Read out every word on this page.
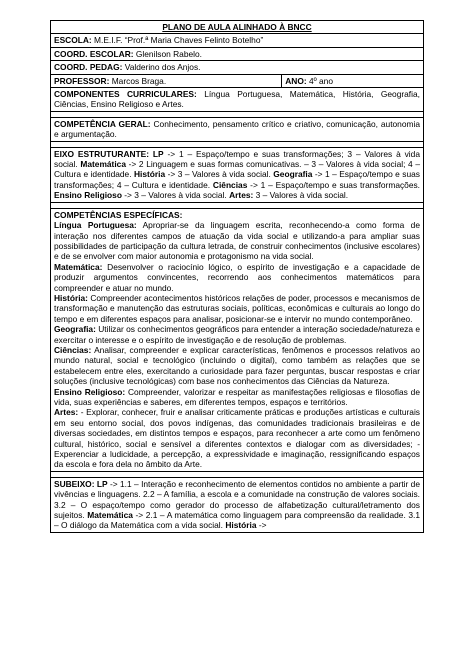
PLANO DE AULA ALINHADO À BNCC
ESCOLA: M.E.I.F. “Prof.ª Maria Chaves Felinto Botelho”
COORD. ESCOLAR: Glenilson Rabelo.
COORD. PEDAG: Valderino dos Anjos.
PROFESSOR: Marcos Braga.	ANO: 4º ano
COMPONENTES CURRICULARES: Língua Portuguesa, Matemática, História, Geografia, Ciências, Ensino Religioso e Artes.

COMPETÊNCIA GERAL: Conhecimento, pensamento crítico e criativo, comunicação, autonomia e argumentação.

EIXO ESTRUTURANTE: LP -> 1 – Espaço/tempo e suas transformações; 3 – Valores à vida social. Matemática -> 2 Linguagem e suas formas comunicativas. – 3 – Valores à vida social; 4 – Cultura e identidade. História -> 3 – Valores à vida social. Geografia -> 1 – Espaço/tempo e suas transformações; 4 – Cultura e identidade. Ciências -> 1 – Espaço/tempo e suas transformações. Ensino Religioso -> 3 – Valores à vida social. Artes: 3 – Valores à vida social.

COMPETÊNCIAS ESPECÍFICAS:

Língua Portuguesa: Apropriar-se da linguagem escrita, reconhecendo-a como forma de interação nos diferentes campos de atuação da vida social e utilizando-a para ampliar suas possibilidades de participação da cultura letrada, de construir conhecimentos (inclusive escolares) e de se envolver com maior autonomia e protagonismo na vida social.

Matemática: Desenvolver o raciocínio lógico, o espírito de investigação e a capacidade de produzir argumentos convincentes, recorrendo aos conhecimentos matemáticos para compreender e atuar no mundo.

História: Compreender acontecimentos históricos relações de poder, processos e mecanismos de transformação e manutenção das estruturas sociais, políticas, econômicas e culturais ao longo do tempo e em diferentes espaços para analisar, posicionar-se e intervir no mundo contemporâneo.

Geografia: Utilizar os conhecimentos geográficos para entender a interação sociedade/natureza e exercitar o interesse e o espírito de investigação e de resolução de problemas.

Ciências: Analisar, compreender e explicar características, fenômenos e processos relativos ao mundo natural, social e tecnológico (incluindo o digital), como também as relações que se estabelecem entre eles, exercitando a curiosidade para fazer perguntas, buscar respostas e criar soluções (inclusive tecnológicas) com base nos conhecimentos das Ciências da Natureza.

Ensino Religioso: Compreender, valorizar e respeitar as manifestações religiosas e filosofias de vida, suas experiências e saberes, em diferentes tempos, espaços e territórios.

Artes: - Explorar, conhecer, fruir e analisar criticamente práticas e produções artísticas e culturais em seu entorno social, dos povos indígenas, das comunidades tradicionais brasileiras e de diversas sociedades, em distintos tempos e espaços, para reconhecer a arte como um fenômeno cultural, histórico, social e sensível a diferentes contextos e dialogar com as diversidades; - Experenciar a ludicidade, a percepção, a expressividade e imaginação, ressignificando espaços da escola e fora dela no âmbito da Arte.

SUBEIXO: LP -> 1.1 – Interação e reconhecimento de elementos contidos no ambiente a partir de vivências e linguagens. 2.2 – A família, a escola e a comunidade na construção de valores sociais. 3.2 – O espaço/tempo como gerador do processo de alfabetização cultural/letramento dos sujeitos. Matemática -> 2.1 – A matemática como linguagem para compreensão da realidade. 3.1 – O diálogo da Matemática com a vida social. História ->
